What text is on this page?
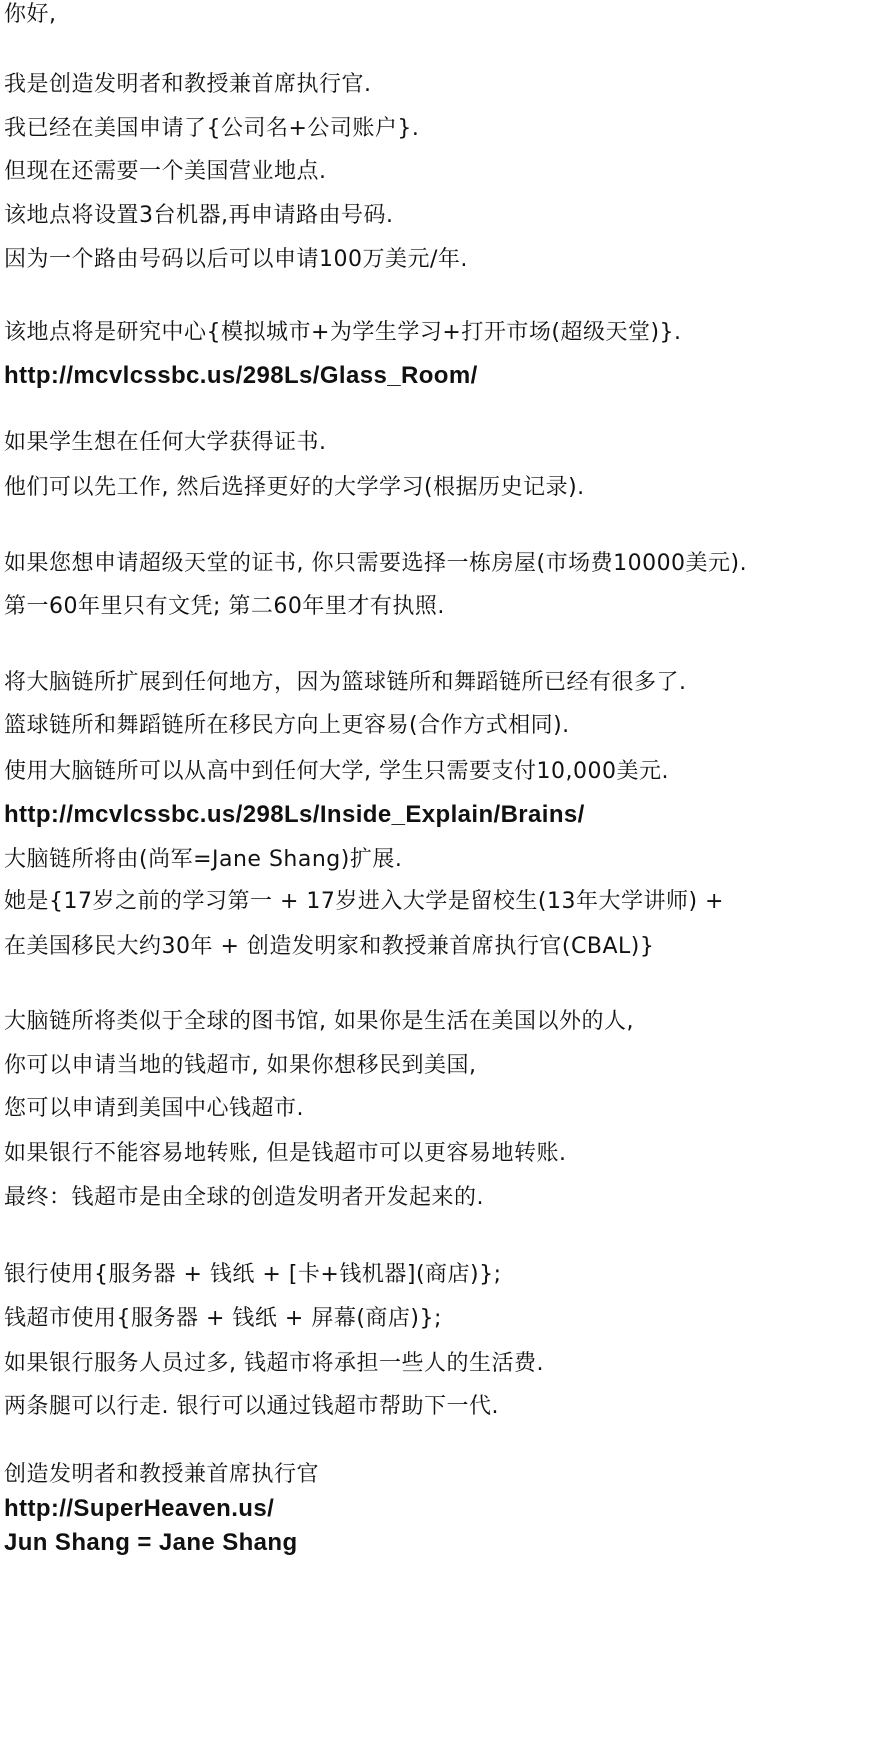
你好,
我是创造发明者和教授兼首席执行官.
我已经在美国申请了{公司名+公司账户}.
但现在还需要一个美国营业地点.
该地点将设置3台机器,再申请路由号码.
因为一个路由号码以后可以申请100万美元/年.
该地点将是研究中心{模拟城市+为学生学习+打开市场(超级天堂)}.
http://mcvlcssbc.us/298Ls/Glass_Room/
如果学生想在任何大学获得证书.
他们可以先工作, 然后选择更好的大学学习(根据历史记录).
如果您想申请超级天堂的证书, 你只需要选择一栋房屋(市场费10000美元).
第一60年里只有文凭; 第二60年里才有执照.
将大脑链所扩展到任何地方，因为篮球链所和舞蹈链所已经有很多了.
篮球链所和舞蹈链所在移民方向上更容易(合作方式相同).
使用大脑链所可以从高中到任何大学, 学生只需要支付10,000美元.
http://mcvlcssbc.us/298Ls/Inside_Explain/Brains/
大脑链所将由(尚军=Jane Shang)扩展.
她是{17岁之前的学习第一 + 17岁进入大学是留校生(13年大学讲师) +
在美国移民大约30年 + 创造发明家和教授兼首席执行官(CBAL)}
大脑链所将类似于全球的图书馆, 如果你是生活在美国以外的人,
你可以申请当地的钱超市, 如果你想移民到美国,
您可以申请到美国中心钱超市.
如果银行不能容易地转账, 但是钱超市可以更容易地转账.
最终：钱超市是由全球的创造发明者开发起来的.
银行使用{服务器 + 钱纸 + [卡+钱机器](商店)};
钱超市使用{服务器 + 钱纸 + 屏幕(商店)};
如果银行服务人员过多, 钱超市将承担一些人的生活费.
两条腿可以行走. 银行可以通过钱超市帮助下一代.
创造发明者和教授兼首席执行官
http://SuperHeaven.us/
Jun Shang = Jane Shang
